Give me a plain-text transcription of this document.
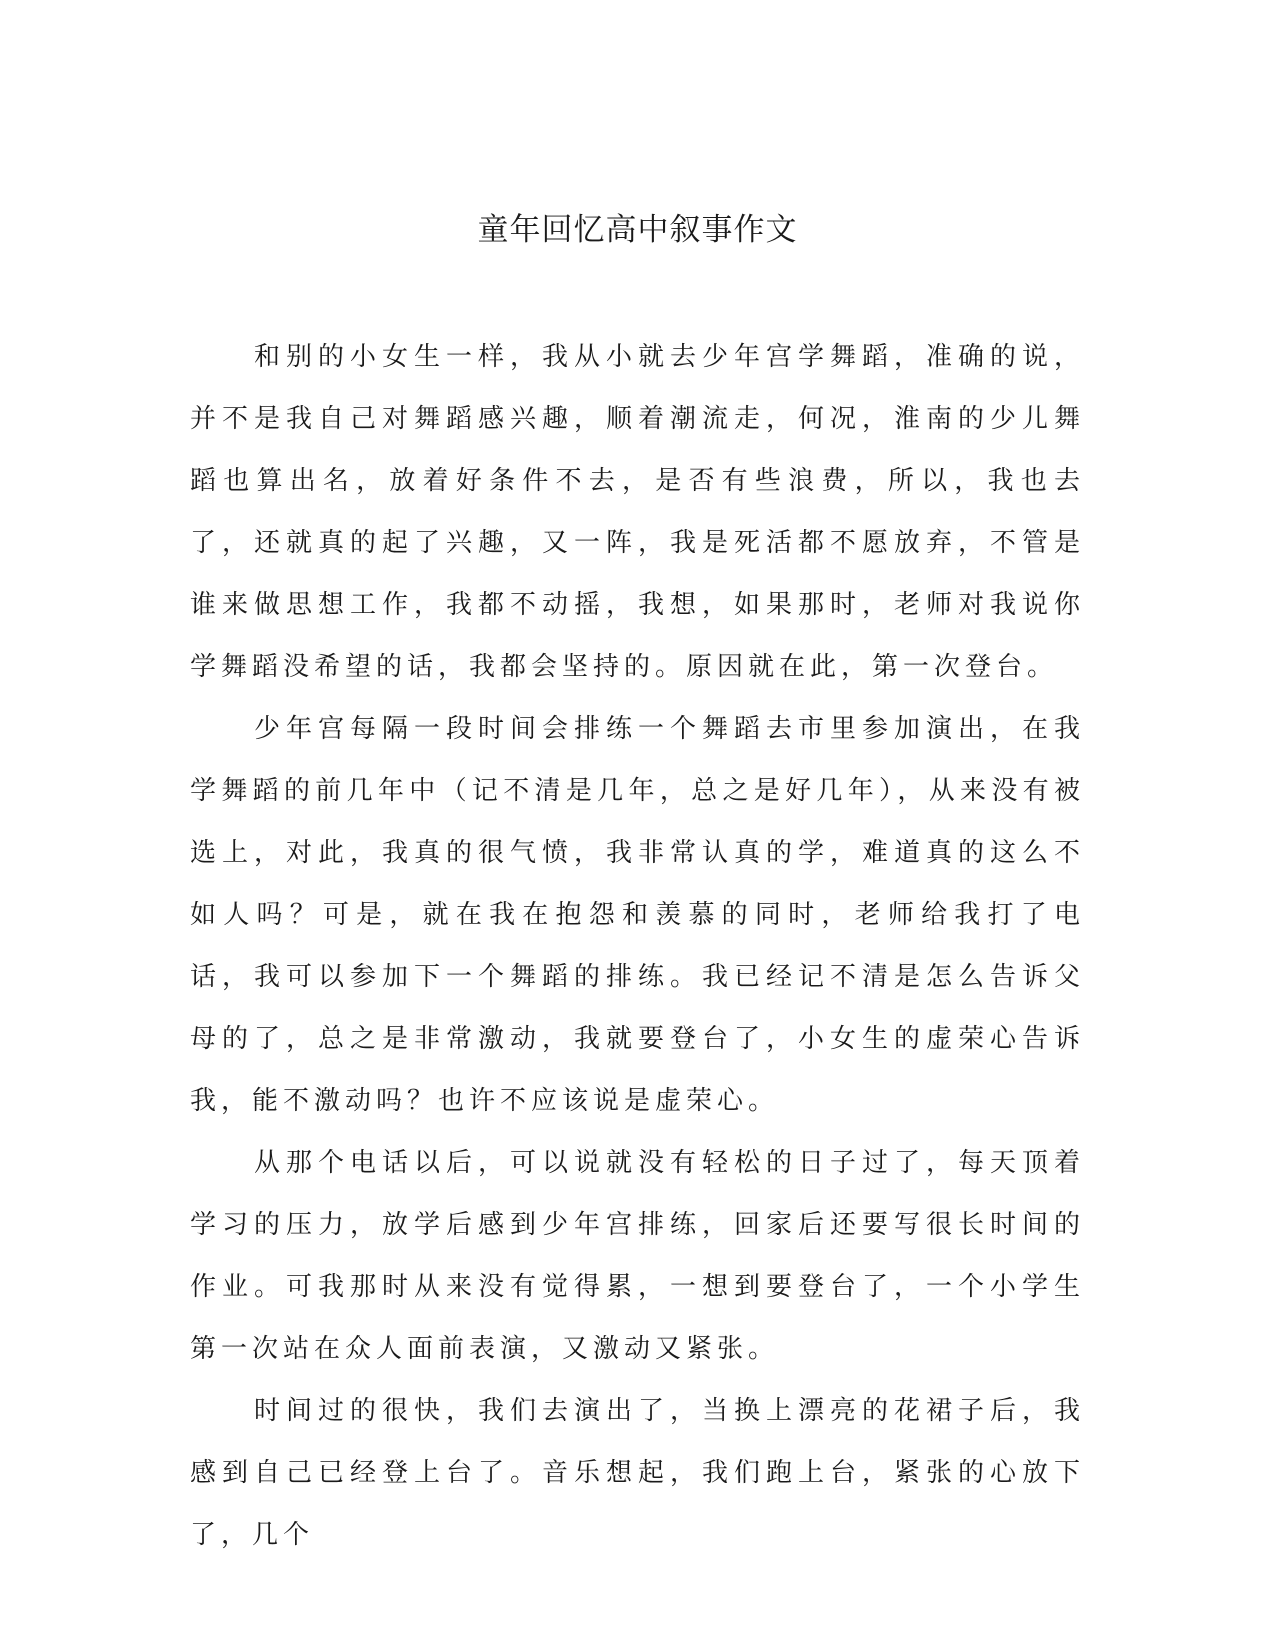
童年回忆高中叙事作文

和别的小女生一样，我从小就去少年宫学舞蹈，准确的说，并不是我自己对舞蹈感兴趣，顺着潮流走，何况，淮南的少儿舞蹈也算出名，放着好条件不去，是否有些浪费，所以，我也去了，还就真的起了兴趣，又一阵，我是死活都不愿放弃，不管是谁来做思想工作，我都不动摇，我想，如果那时，老师对我说你学舞蹈没希望的话，我都会坚持的。原因就在此，第一次登台。

少年宫每隔一段时间会排练一个舞蹈去市里参加演出，在我学舞蹈的前几年中（记不清是几年，总之是好几年），从来没有被选上，对此，我真的很气愤，我非常认真的学，难道真的这么不如人吗？可是，就在我在抱怨和羡慕的同时，老师给我打了电话，我可以参加下一个舞蹈的排练。我已经记不清是怎么告诉父母的了，总之是非常激动，我就要登台了，小女生的虚荣心告诉我，能不激动吗？也许不应该说是虚荣心。

从那个电话以后，可以说就没有轻松的日子过了，每天顶着学习的压力，放学后感到少年宫排练，回家后还要写很长时间的作业。可我那时从来没有觉得累，一想到要登台了，一个小学生第一次站在众人面前表演，又激动又紧张。

时间过的很快，我们去演出了，当换上漂亮的花裙子后，我感到自己已经登上台了。音乐想起，我们跑上台，紧张的心放下了，几个
